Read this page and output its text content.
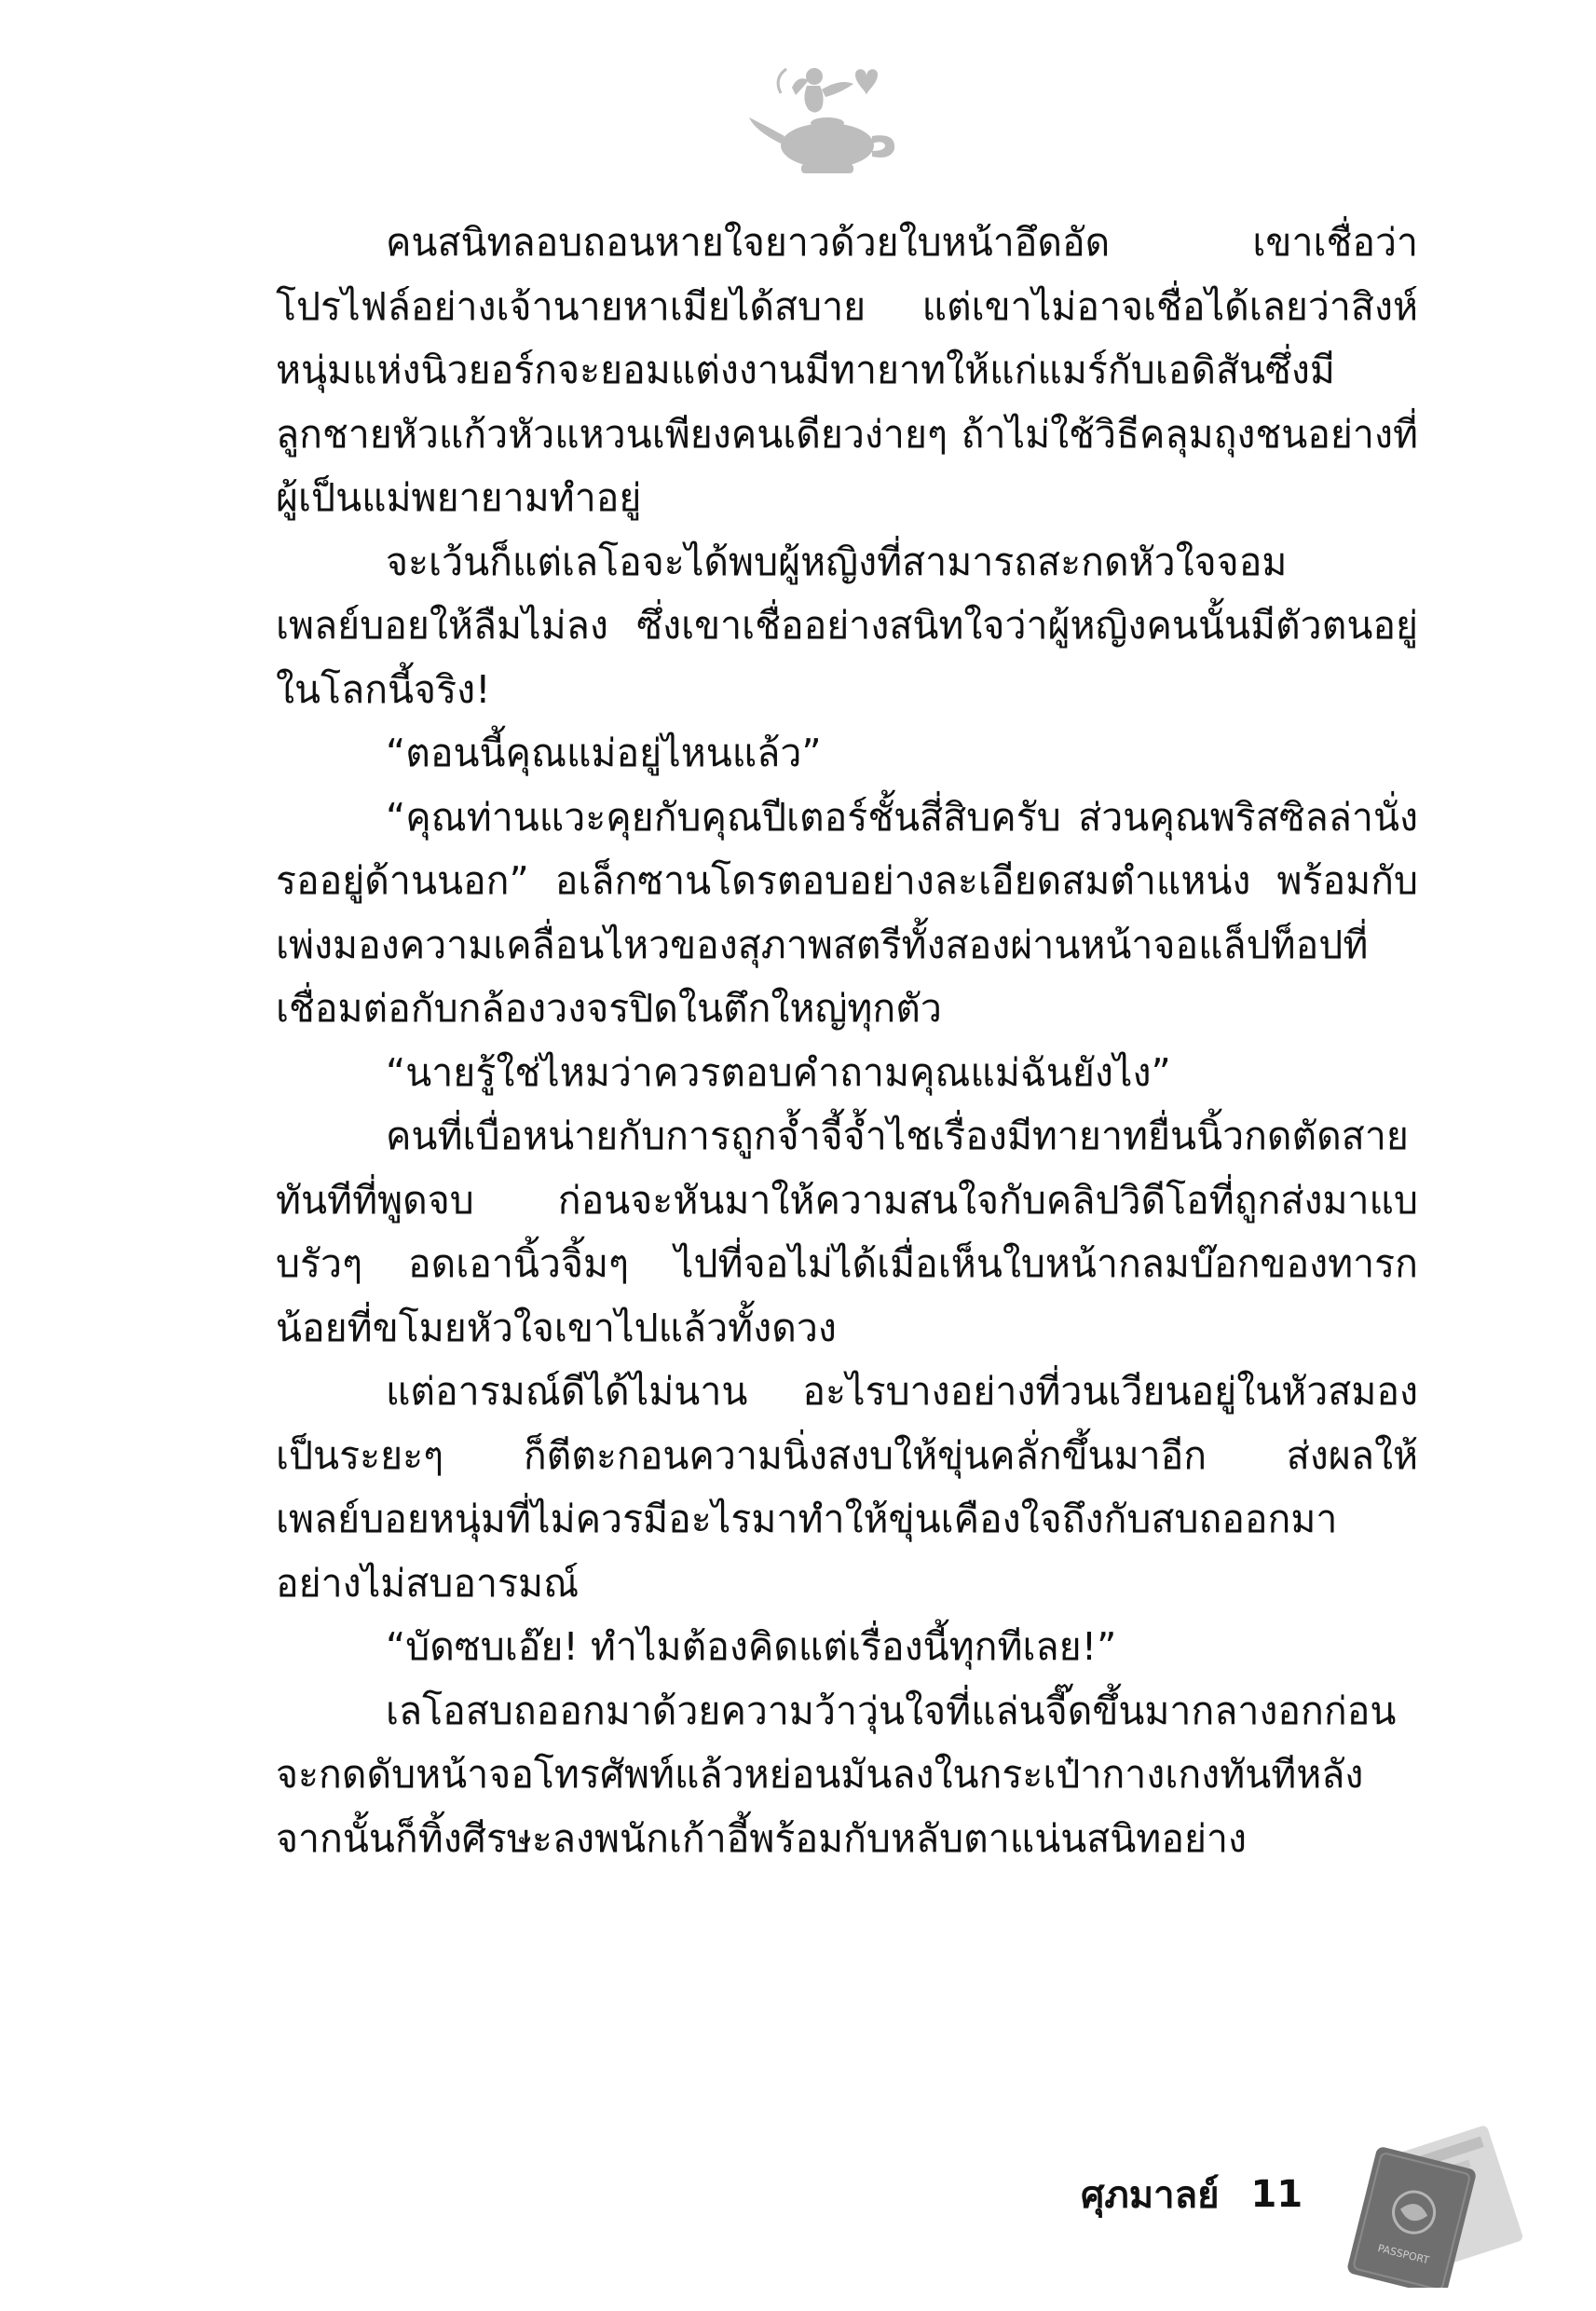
คนสนิทลอบถอนหายใจยาวด้วยใบหน้าอึดอัด เขาเชื่อว่าโปรไฟล์อย่างเจ้านายหาเมียได้สบาย แต่เขาไม่อาจเชื่อได้เลยว่าสิงห์หนุ่มแห่งนิวยอร์กจะยอมแต่งงานมีทายาทให้แก่แมร์กับเอดิสันซึ่งมีลูกชายหัวแก้วหัวแหวนเพียงคนเดียวง่ายๆ ถ้าไม่ใช้วิธีคลุมถุงชนอย่างที่ผู้เป็นแม่พยายามทำอยู่

จะเว้นก็แต่เลโอจะได้พบผู้หญิงที่สามารถสะกดหัวใจจอมเพลย์บอยให้ลืมไม่ลง ซึ่งเขาเชื่ออย่างสนิทใจว่าผู้หญิงคนนั้นมีตัวตนอยู่ในโลกนี้จริง!

“ตอนนี้คุณแม่อยู่ไหนแล้ว”

“คุณท่านแวะคุยกับคุณปีเตอร์ชั้นสี่สิบครับ ส่วนคุณพริสซิลล่านั่งรออยู่ด้านนอก” อเล็กซานโดรตอบอย่างละเอียดสมตำแหน่ง พร้อมกับเพ่งมองความเคลื่อนไหวของสุภาพสตรีทั้งสองผ่านหน้าจอแล็ปท็อปที่เชื่อมต่อกับกล้องวงจรปิดในตึกใหญ่ทุกตัว

“นายรู้ใช่ไหมว่าควรตอบคำถามคุณแม่ฉันยังไง”

คนที่เบื่อหน่ายกับการถูกจ้ำจี้จ้ำไชเรื่องมีทายาทยื่นนิ้วกดตัดสายทันทีที่พูดจบ ก่อนจะหันมาให้ความสนใจกับคลิปวิดีโอที่ถูกส่งมาแบบรัวๆ อดเอานิ้วจิ้มๆ ไปที่จอไม่ได้เมื่อเห็นใบหน้ากลมบ๊อกของทารกน้อยที่ขโมยหัวใจเขาไปแล้วทั้งดวง

แต่อารมณ์ดีได้ไม่นาน อะไรบางอย่างที่วนเวียนอยู่ในหัวสมองเป็นระยะๆ ก็ตีตะกอนความนิ่งสงบให้ขุ่นคลั่กขึ้นมาอีก ส่งผลให้เพลย์บอยหนุ่มที่ไม่ควรมีอะไรมาทำให้ขุ่นเคืองใจถึงกับสบถออกมาอย่างไม่สบอารมณ์

“บัดซบเอ๊ย! ทำไมต้องคิดแต่เรื่องนี้ทุกทีเลย!”

เลโอสบถออกมาด้วยความว้าวุ่นใจที่แล่นจี๊ดขึ้นมากลางอกก่อนจะกดดับหน้าจอโทรศัพท์แล้วหย่อนมันลงในกระเป๋ากางเกงทันทีหลังจากนั้นก็ทิ้งศีรษะลงพนักเก้าอี้พร้อมกับหลับตาแน่นสนิทอย่าง

ศุภมาลย์ 11
PASSPORT
